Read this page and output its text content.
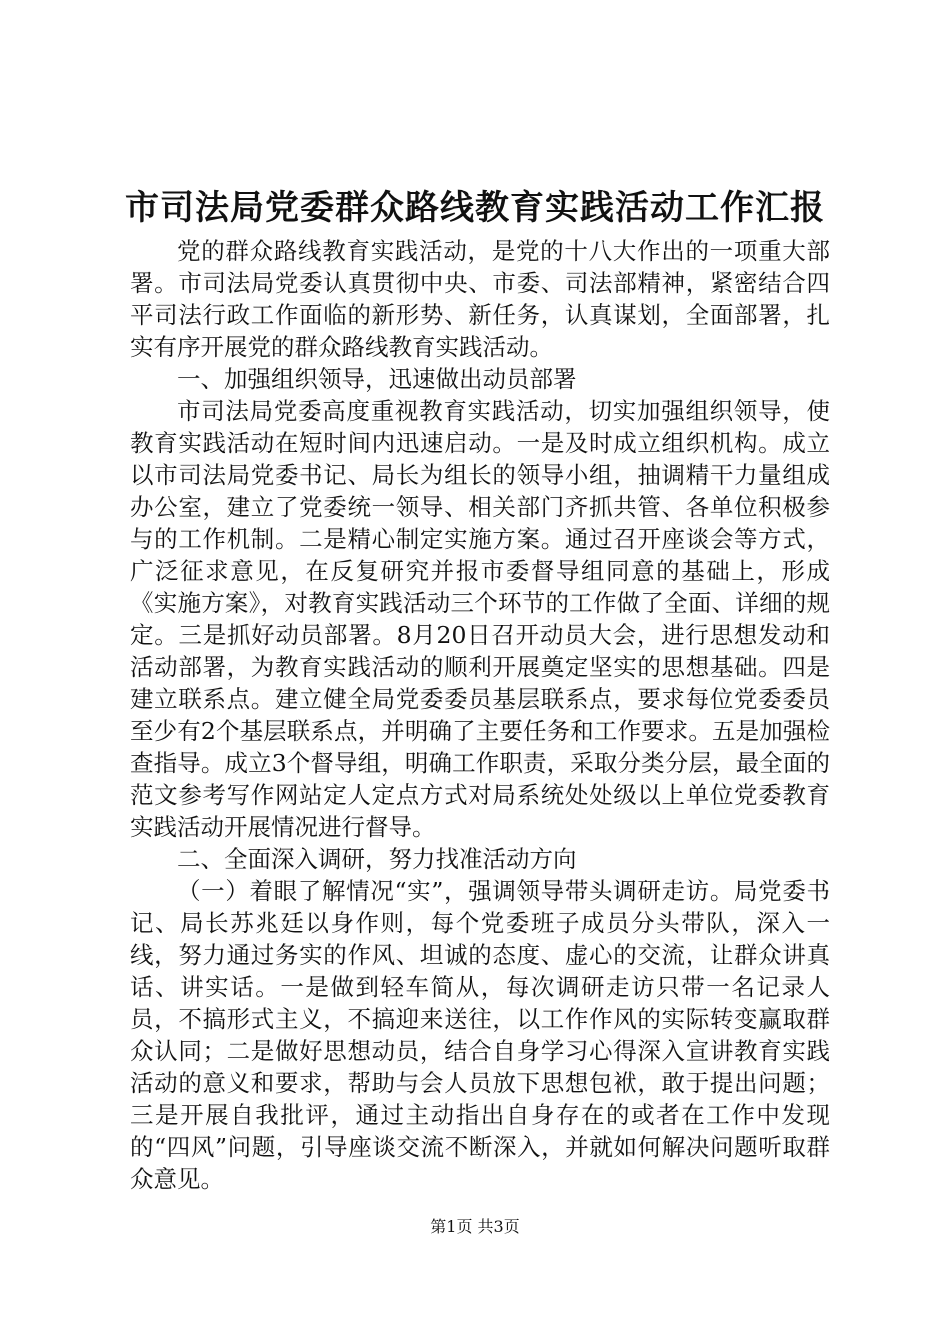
市司法局党委群众路线教育实践活动工作汇报

党的群众路线教育实践活动，是党的十八大作出的一项重大部署。市司法局党委认真贯彻中央、市委、司法部精神，紧密结合四平司法行政工作面临的新形势、新任务，认真谋划，全面部署，扎实有序开展党的群众路线教育实践活动。

一、加强组织领导，迅速做出动员部署

市司法局党委高度重视教育实践活动，切实加强组织领导，使教育实践活动在短时间内迅速启动。一是及时成立组织机构。成立以市司法局党委书记、局长为组长的领导小组，抽调精干力量组成办公室，建立了党委统一领导、相关部门齐抓共管、各单位积极参与的工作机制。二是精心制定实施方案。通过召开座谈会等方式，广泛征求意见，在反复研究并报市委督导组同意的基础上，形成《实施方案》，对教育实践活动三个环节的工作做了全面、详细的规定。三是抓好动员部署。8月20日召开动员大会，进行思想发动和活动部署，为教育实践活动的顺利开展奠定坚实的思想基础。四是建立联系点。建立健全局党委委员基层联系点，要求每位党委委员至少有2个基层联系点，并明确了主要任务和工作要求。五是加强检查指导。成立3个督导组，明确工作职责，采取分类分层，最全面的范文参考写作网站定人定点方式对局系统处处级以上单位党委教育实践活动开展情况进行督导。

二、全面深入调研，努力找准活动方向

（一）着眼了解情况“实”，强调领导带头调研走访。局党委书记、局长苏兆廷以身作则，每个党委班子成员分头带队，深入一线，努力通过务实的作风、坦诚的态度、虚心的交流，让群众讲真话、讲实话。一是做到轻车简从，每次调研走访只带一名记录人员，不搞形式主义，不搞迎来送往，以工作作风的实际转变赢取群众认同；二是做好思想动员，结合自身学习心得深入宣讲教育实践活动的意义和要求，帮助与会人员放下思想包袱，敢于提出问题；三是开展自我批评，通过主动指出自身存在的或者在工作中发现的“四风”问题，引导座谈交流不断深入，并就如何解决问题听取群众意见。

第1页 共3页
